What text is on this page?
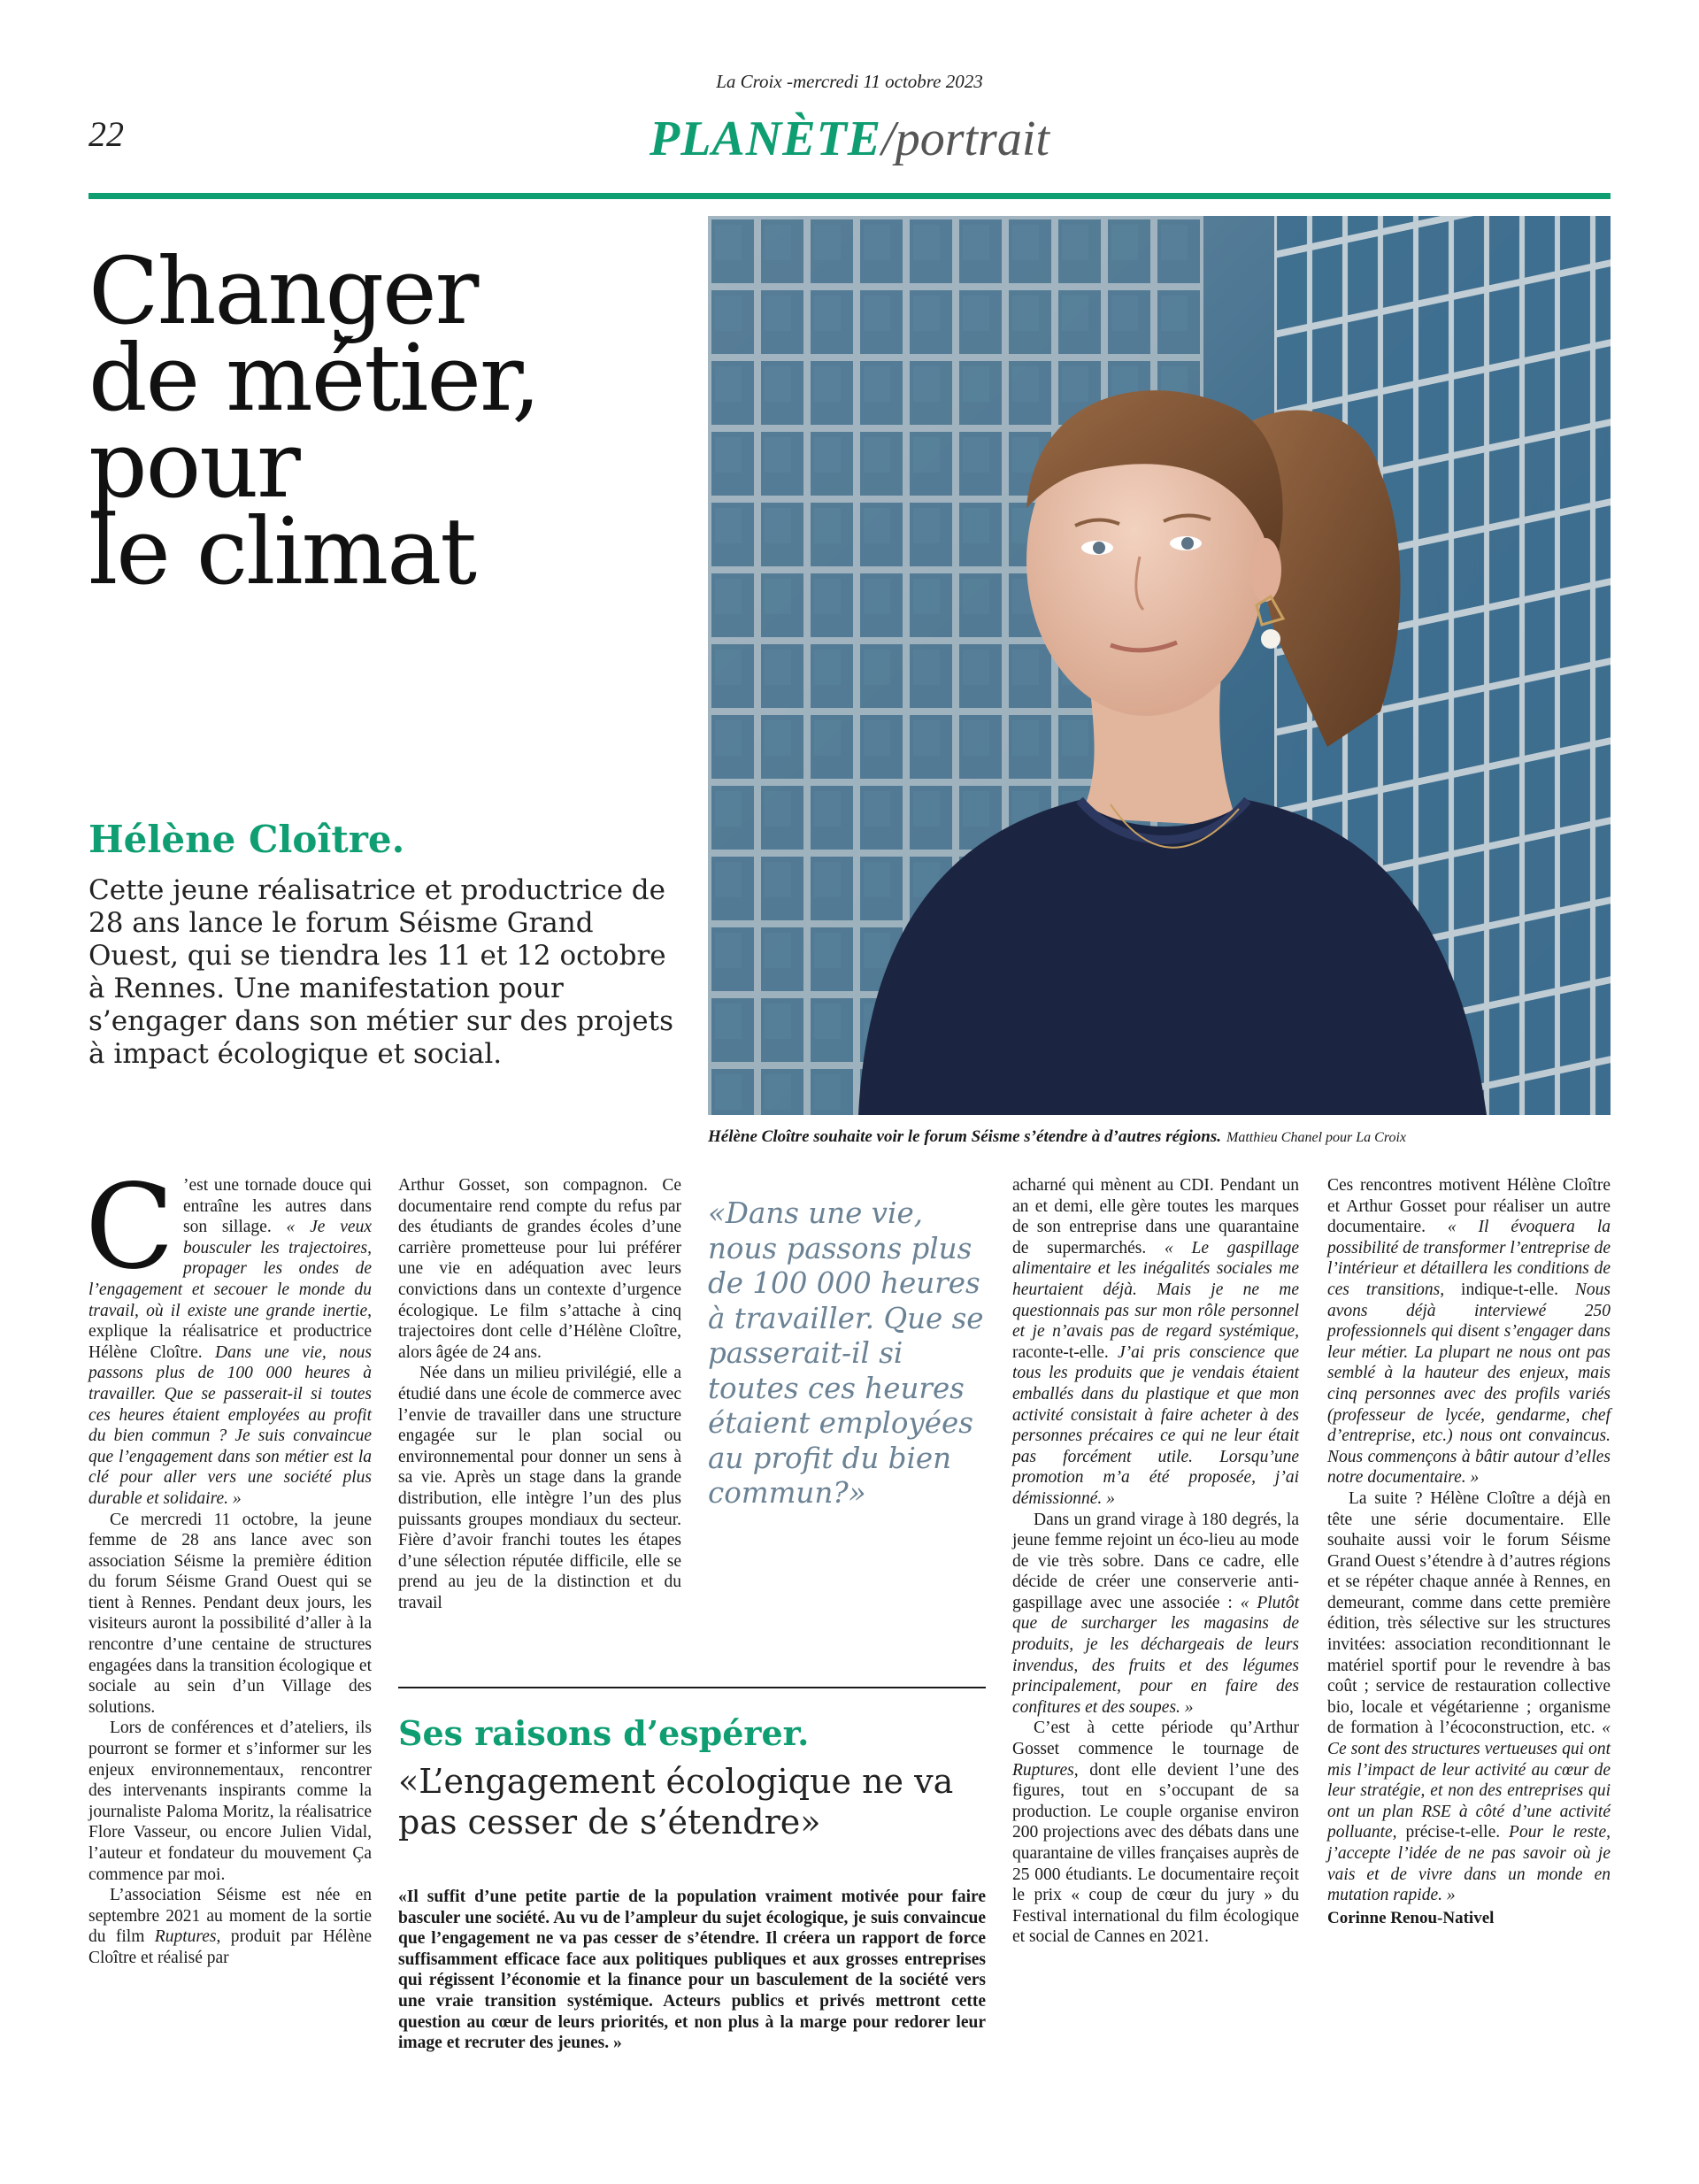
La Croix -mercredi 11 octobre 2023
22	PLANÈTE/portrait
Changer
de métier,
pour
le climat
Hélène Cloître.
Cette jeune réalisatrice et productrice de 28 ans lance le forum Séisme Grand Ouest, qui se tiendra les 11 et 12 octobre à Rennes. Une manifestation pour s’engager dans son métier sur des projets à impact écologique et social.
Hélène Cloître souhaite voir le forum Séisme s’étendre à d’autres régions. Matthieu Chanel pour La Croix

C ’est une tornade douce qui entraîne les autres dans son sillage. « Je veux bousculer les trajectoires, propager les ondes de l’engagement et secouer le monde du travail, où il existe une grande inertie, explique la réalisatrice et productrice Hélène Cloître. Dans une vie, nous passons plus de 100 000 heures à travailler. Que se passerait-il si toutes ces heures étaient employées au profit du bien commun ? Je suis convaincue que l’engagement dans son métier est la clé pour aller vers une société plus durable et solidaire. »

Ce mercredi 11 octobre, la jeune femme de 28 ans lance avec son association Séisme la première édition du forum Séisme Grand Ouest qui se tient à Rennes. Pendant deux jours, les visiteurs auront la possibilité d’aller à la rencontre d’une centaine de structures engagées dans la transition écologique et sociale au sein d’un Village des solutions.

Lors de conférences et d’ateliers, ils pourront se former et s’informer sur les enjeux environnementaux, rencontrer des intervenants inspirants comme la journaliste Paloma Moritz, la réalisatrice Flore Vasseur, ou encore Julien Vidal, l’auteur et fondateur du mouvement Ça commence par moi.

L’association Séisme est née en septembre 2021 au moment de la sortie du film Ruptures, produit par Hélène Cloître et réalisé par

Arthur Gosset, son compagnon. Ce documentaire rend compte du refus par des étudiants de grandes écoles d’une carrière prometteuse pour lui préférer une vie en adéquation avec leurs convictions dans un contexte d’urgence écologique. Le film s’attache à cinq trajectoires dont celle d’Hélène Cloître, alors âgée de 24 ans.

Née dans un milieu privilégié, elle a étudié dans une école de commerce avec l’envie de travailler dans une structure engagée sur le plan social ou environnemental pour donner un sens à sa vie. Après un stage dans la grande distribution, elle intègre l’un des plus puissants groupes mondiaux du secteur. Fière d’avoir franchi toutes les étapes d’une sélection réputée difficile, elle se prend au jeu de la distinction et du travail

«Dans une vie, nous passons plus de 100 000 heures à travailler. Que se passerait-il si toutes ces heures étaient employées au profit du bien commun?»
Ses raisons d’espérer.
«L’engagement écologique ne va pas cesser de s’étendre»
«Il suffit d’une petite partie de la population vraiment motivée pour faire basculer une société. Au vu de l’ampleur du sujet écologique, je suis convaincue que l’engagement ne va pas cesser de s’étendre. Il créera un rapport de force suffisamment efficace face aux politiques publiques et aux grosses entreprises qui régissent l’économie et la finance pour un basculement de la société vers une vraie transition systémique. Acteurs publics et privés mettront cette question au cœur de leurs priorités, et non plus à la marge pour redorer leur image et recruter des jeunes. »

acharné qui mènent au CDI. Pendant un an et demi, elle gère toutes les marques de son entreprise dans une quarantaine de supermarchés. « Le gaspillage alimentaire et les inégalités sociales me heurtaient déjà. Mais je ne me questionnais pas sur mon rôle personnel et je n’avais pas de regard systémique, raconte-t-elle. J’ai pris conscience que tous les produits que je vendais étaient emballés dans du plastique et que mon activité consistait à faire acheter à des personnes précaires ce qui ne leur était pas forcément utile. Lorsqu’une promotion m’a été proposée, j’ai démissionné. »

Dans un grand virage à 180 degrés, la jeune femme rejoint un éco-lieu au mode de vie très sobre. Dans ce cadre, elle décide de créer une conserverie anti-gaspillage avec une associée : « Plutôt que de surcharger les magasins de produits, je les déchargeais de leurs invendus, des fruits et des légumes principalement, pour en faire des confitures et des soupes. »

C’est à cette période qu’Arthur Gosset commence le tournage de Ruptures, dont elle devient l’une des figures, tout en s’occupant de sa production. Le couple organise environ 200 projections avec des débats dans une quarantaine de villes françaises auprès de 25 000 étudiants. Le documentaire reçoit le prix « coup de cœur du jury » du Festival international du film écologique et social de Cannes en 2021.

Ces rencontres motivent Hélène Cloître et Arthur Gosset pour réaliser un autre documentaire. « Il évoquera la possibilité de transformer l’entreprise de l’intérieur et détaillera les conditions de ces transitions, indique-t-elle. Nous avons déjà interviewé 250 professionnels qui disent s’engager dans leur métier. La plupart ne nous ont pas semblé à la hauteur des enjeux, mais cinq personnes avec des profils variés (professeur de lycée, gendarme, chef d’entreprise, etc.) nous ont convaincus. Nous commençons à bâtir autour d’elles notre documentaire. »

La suite ? Hélène Cloître a déjà en tête une série documentaire. Elle souhaite aussi voir le forum Séisme Grand Ouest s’étendre à d’autres régions et se répéter chaque année à Rennes, en demeurant, comme dans cette première édition, très sélective sur les structures invitées: association reconditionnant le matériel sportif pour le revendre à bas coût ; service de restauration collective bio, locale et végétarienne ; organisme de formation à l’écoconstruction, etc. « Ce sont des structures vertueuses qui ont mis l’impact de leur activité au cœur de leur stratégie, et non des entreprises qui ont un plan RSE à côté d’une activité polluante, précise-t-elle. Pour le reste, j’accepte l’idée de ne pas savoir où je vais et de vivre dans un monde en mutation rapide. »

Corinne Renou-Nativel
